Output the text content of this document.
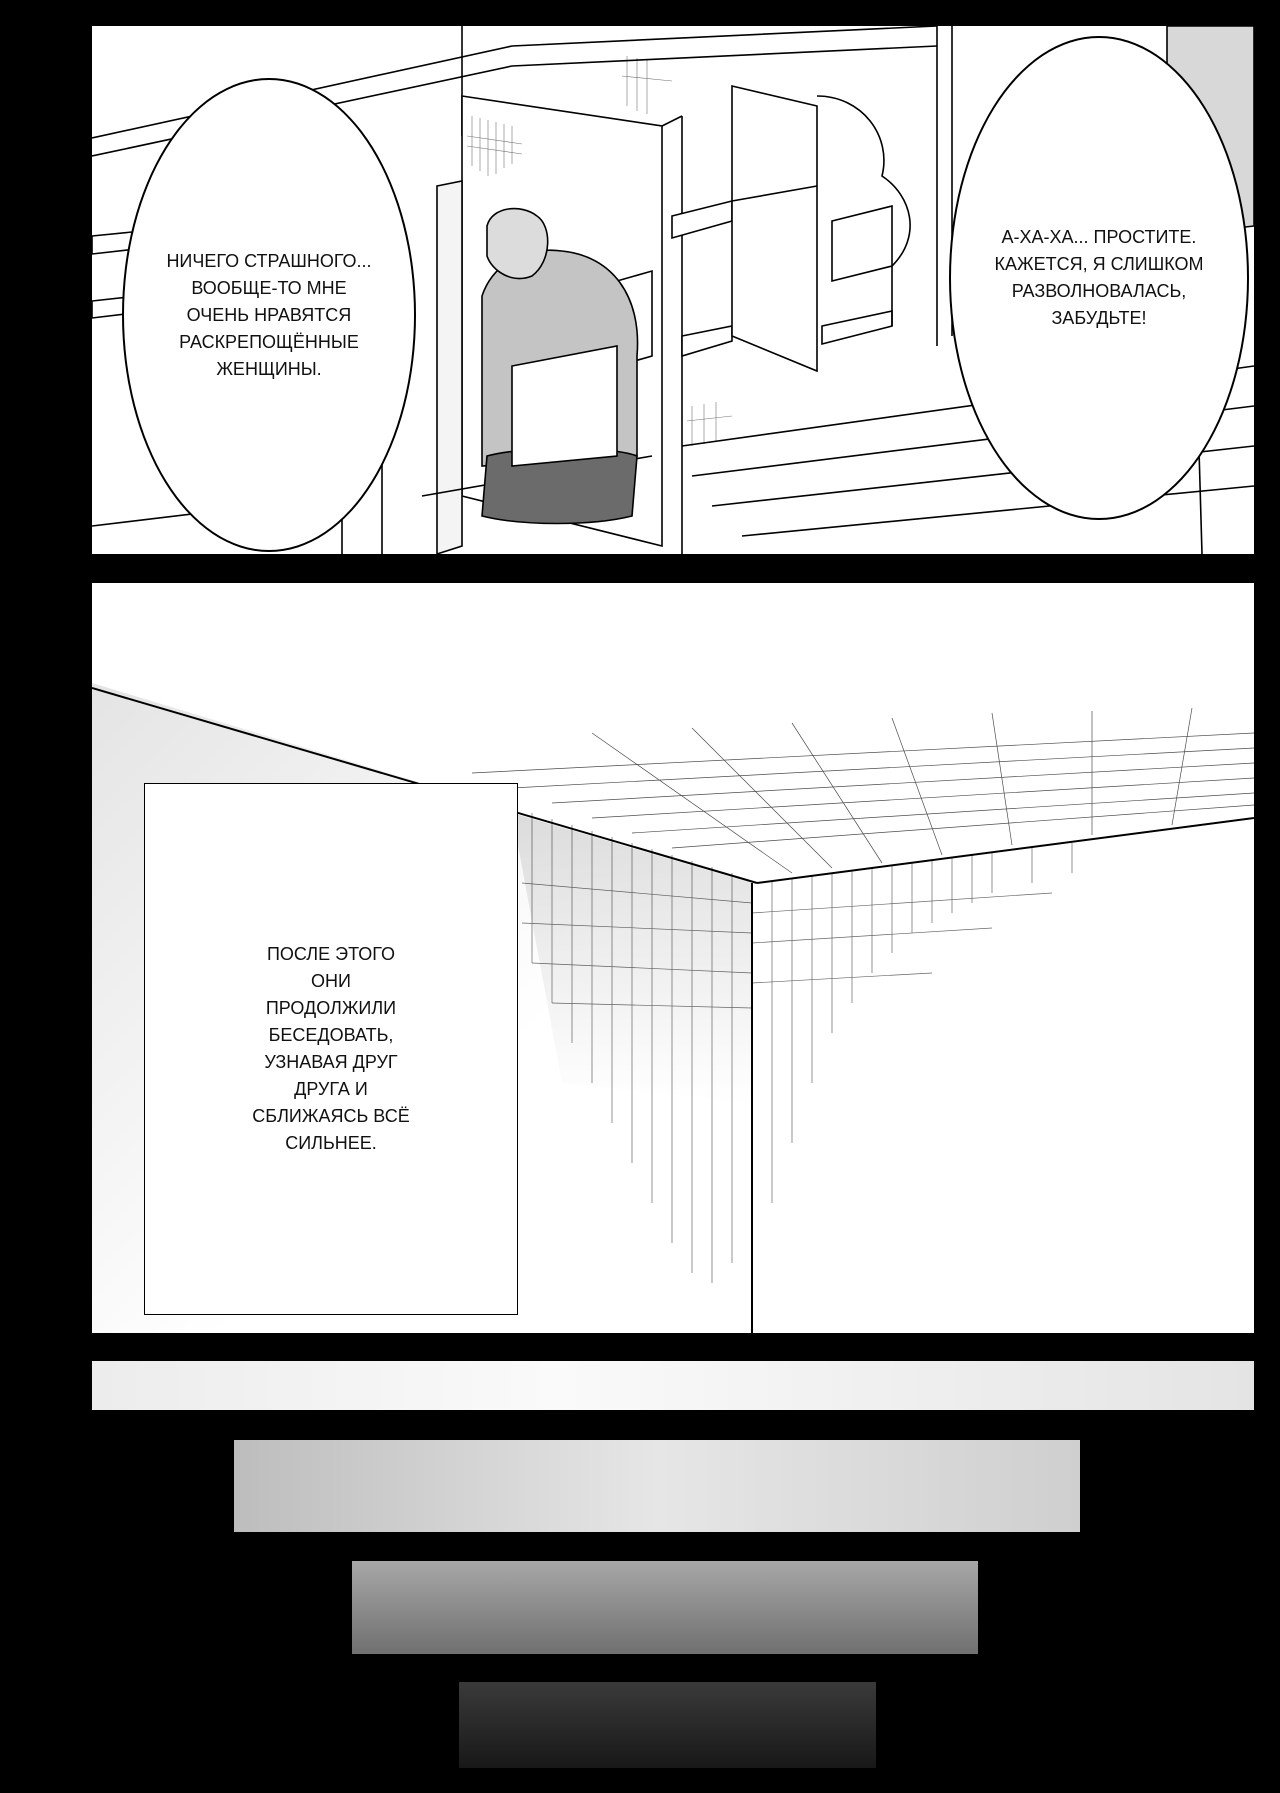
НИЧЕГО СТРАШНОГО...
ВООБЩЕ-ТО МНЕ
ОЧЕНЬ НРАВЯТСЯ
РАСКРЕПОЩЁННЫЕ
ЖЕНЩИНЫ.
А-ХА-ХА... ПРОСТИТЕ.
КАЖЕТСЯ, Я СЛИШКОМ
РАЗВОЛНОВАЛАСЬ,
ЗАБУДЬТЕ!
ПОСЛЕ ЭТОГО
ОНИ
ПРОДОЛЖИЛИ
БЕСЕДОВАТЬ,
УЗНАВАЯ ДРУГ
ДРУГА И
СБЛИЖАЯСЬ ВСЁ
СИЛЬНЕЕ.
